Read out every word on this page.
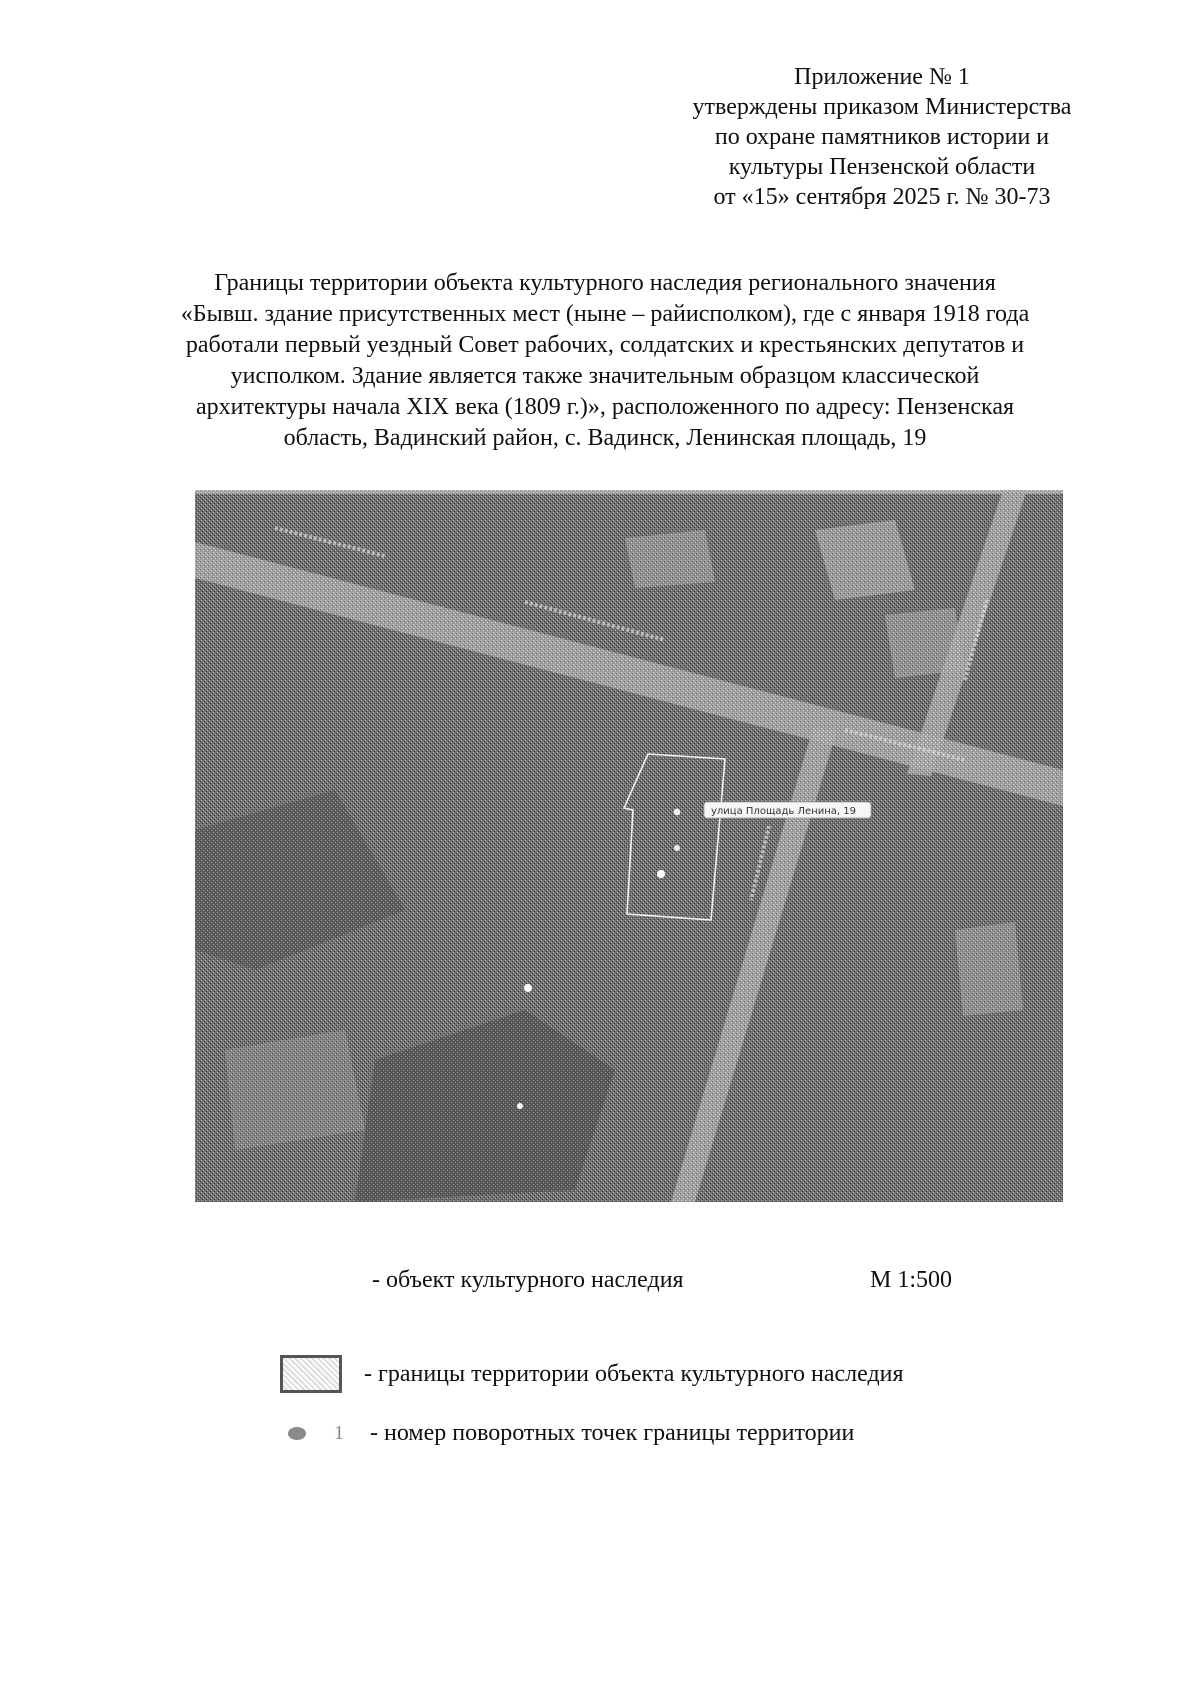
Приложение № 1
утверждены приказом Министерства
по охране памятников истории и
культуры Пензенской области
от «15» сентября 2025 г. № 30-73
Границы территории объекта культурного наследия регионального значения
«Бывш. здание присутственных мест (ныне – райисполком), где с января 1918 года
работали первый уездный Совет рабочих, солдатских и крестьянских депутатов и
уисполком. Здание является также значительным образцом классической
архитектуры начала XIX века (1809 г.)», расположенного по адресу: Пензенская
область, Вадинский район, с. Вадинск, Ленинская площадь, 19
улица Площадь Ленина, 19
- объект культурного наследия	М 1:500
- границы территории объекта культурного наследия
1 - номер поворотных точек границы территории
